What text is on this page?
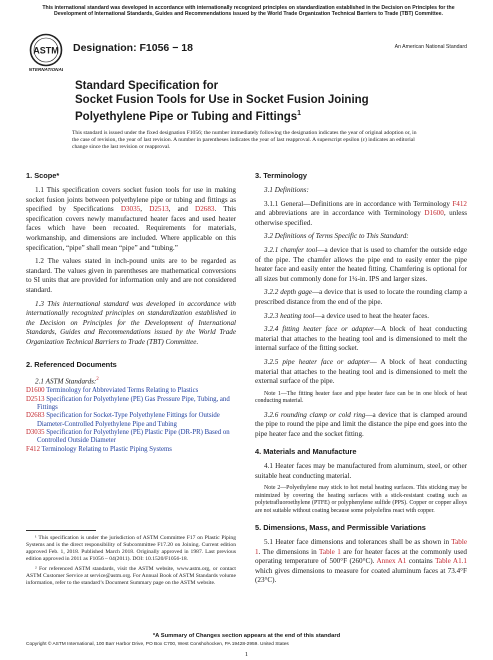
This international standard was developed in accordance with internationally recognized principles on standardization established in the Decision on Principles for the Development of International Standards, Guides and Recommendations issued by the World Trade Organization Technical Barriers to Trade (TBT) Committee.
ASTM
INTERNATIONAL
Designation: F1056 − 18	An American National Standard
Standard Specification for
Socket Fusion Tools for Use in Socket Fusion Joining Polyethylene Pipe or Tubing and Fittings$^1$
This standard is issued under the fixed designation F1056; the number immediately following the designation indicates the year of original adoption or, in the case of revision, the year of last revision. A number in parentheses indicates the year of last reapproval. A superscript epsilon (ε) indicates an editorial change since the last revision or reapproval.
1. Scope*

1.1 This specification covers socket fusion tools for use in making socket fusion joints between polyethylene pipe or tubing and fittings as specified by Specifications D3035, D2513, and D2683. This specification covers newly manufactured heater faces and used heater faces which have been recoated. Requirements for materials, workmanship, and dimensions are included. Where applicable on this specification, “pipe” shall mean “pipe” and “tubing.”

1.2 The values stated in inch-pound units are to be regarded as standard. The values given in parentheses are mathematical conversions to SI units that are provided for information only and are not considered standard.

1.3 This international standard was developed in accordance with internationally recognized principles on standardization established in the Decision on Principles for the Development of International Standards, Guides and Recommendations issued by the World Trade Organization Technical Barriers to Trade (TBT) Committee.

2. Referenced Documents

2.1 ASTM Standards:$^2$

D1600 Terminology for Abbreviated Terms Relating to Plastics
D2513 Specification for Polyethylene (PE) Gas Pressure Pipe, Tubing, and Fittings
D2683 Specification for Socket-Type Polyethylene Fittings for Outside Diameter-Controlled Polyethylene Pipe and Tubing
D3035 Specification for Polyethylene (PE) Plastic Pipe (DR-PR) Based on Controlled Outside Diameter
F412 Terminology Relating to Plastic Piping Systems
3. Terminology

3.1 Definitions:

3.1.1 General—Definitions are in accordance with Terminology F412 and abbreviations are in accordance with Terminology D1600, unless otherwise specified.

3.2 Definitions of Terms Specific to This Standard:

3.2.1 chamfer tool—a device that is used to chamfer the outside edge of the pipe. The chamfer allows the pipe end to easily enter the pipe heater face and easily enter the heated fitting. Chamfering is optional for all sizes but commonly done for 1¼-in. IPS and larger sizes.

3.2.2 depth gage—a device that is used to locate the rounding clamp a prescribed distance from the end of the pipe.

3.2.3 heating tool—a device used to heat the heater faces.

3.2.4 fitting heater face or adapter—A block of heat conducting material that attaches to the heating tool and is dimensioned to melt the internal surface of the fitting socket.

3.2.5 pipe heater face or adapter— A block of heat conducting material that attaches to the heating tool and is dimensioned to melt the external surface of the pipe.

Note 1—The fitting heater face and pipe heater face can be in one block of heat conducting material.

3.2.6 rounding clamp or cold ring—a device that is clamped around the pipe to round the pipe and limit the distance the pipe end goes into the pipe heater face and the socket fitting.

4. Materials and Manufacture

4.1 Heater faces may be manufactured from aluminum, steel, or other suitable heat conducting material.

Note 2—Polyethylene may stick to hot metal heating surfaces. This sticking may be minimized by covering the heating surfaces with a stick-resistant coating such as polytetrafluoroethylene (PTFE) or polyphenylene sulfide (PPS). Copper or copper alloys are not suitable without coating because some polyolefins react with copper.
5. Dimensions, Mass, and Permissible Variations

5.1 Heater face dimensions and tolerances shall be as shown in Table 1. The dimensions in Table 1 are for heater faces at the commonly used operating temperature of 500°F (260°C). Annex A1 contains Table A1.1 which gives dimensions to measure for coated aluminum faces at 73.4°F (23°C).

¹ This specification is under the jurisdiction of ASTM Committee F17 on Plastic Piping Systems and is the direct responsibility of Subcommittee F17.20 on Joining. Current edition approved Feb. 1, 2018. Published March 2018. Originally approved in 1987. Last previous edition approved in 2011 as F1056 – 04(2011). DOI: 10.1520/F1056-18.
² For referenced ASTM standards, visit the ASTM website, www.astm.org, or contact ASTM Customer Service at service@astm.org. For Annual Book of ASTM Standards volume information, refer to the standard’s Document Summary page on the ASTM website.
*A Summary of Changes section appears at the end of this standard
Copyright © ASTM International, 100 Barr Harbor Drive, PO Box C700, West Conshohocken, PA 19428-2959. United States
1
